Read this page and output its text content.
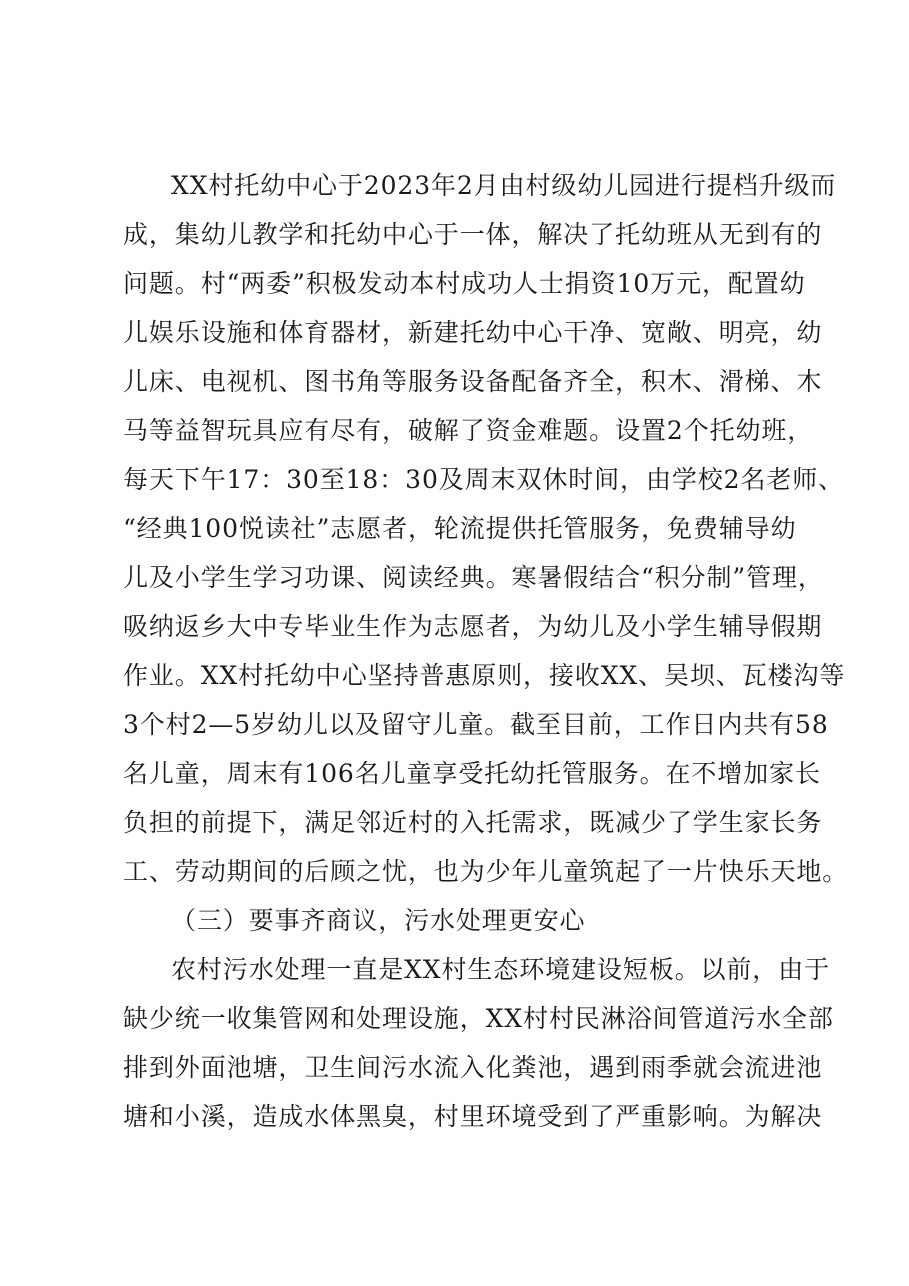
XX村托幼中心于2023年2月由村级幼儿园进行提档升级而
成，集幼儿教学和托幼中心于一体，解决了托幼班从无到有的
问题。村“两委”积极发动本村成功人士捐资10万元，配置幼
儿娱乐设施和体育器材，新建托幼中心干净、宽敞、明亮，幼
儿床、电视机、图书角等服务设备配备齐全，积木、滑梯、木
马等益智玩具应有尽有，破解了资金难题。设置2个托幼班，
每天下午17：30至18：30及周末双休时间，由学校2名老师、
“经典100悦读社”志愿者，轮流提供托管服务，免费辅导幼
儿及小学生学习功课、阅读经典。寒暑假结合“积分制”管理，
吸纳返乡大中专毕业生作为志愿者，为幼儿及小学生辅导假期
作业。XX村托幼中心坚持普惠原则，接收XX、吴坝、瓦楼沟等
3个村2—5岁幼儿以及留守儿童。截至目前，工作日内共有58
名儿童，周末有106名儿童享受托幼托管服务。在不增加家长
负担的前提下，满足邻近村的入托需求，既减少了学生家长务
工、劳动期间的后顾之忧，也为少年儿童筑起了一片快乐天地。
（三）要事齐商议，污水处理更安心
农村污水处理一直是XX村生态环境建设短板。以前，由于
缺少统一收集管网和处理设施，XX村村民淋浴间管道污水全部
排到外面池塘，卫生间污水流入化粪池，遇到雨季就会流进池
塘和小溪，造成水体黑臭，村里环境受到了严重影响。为解决
